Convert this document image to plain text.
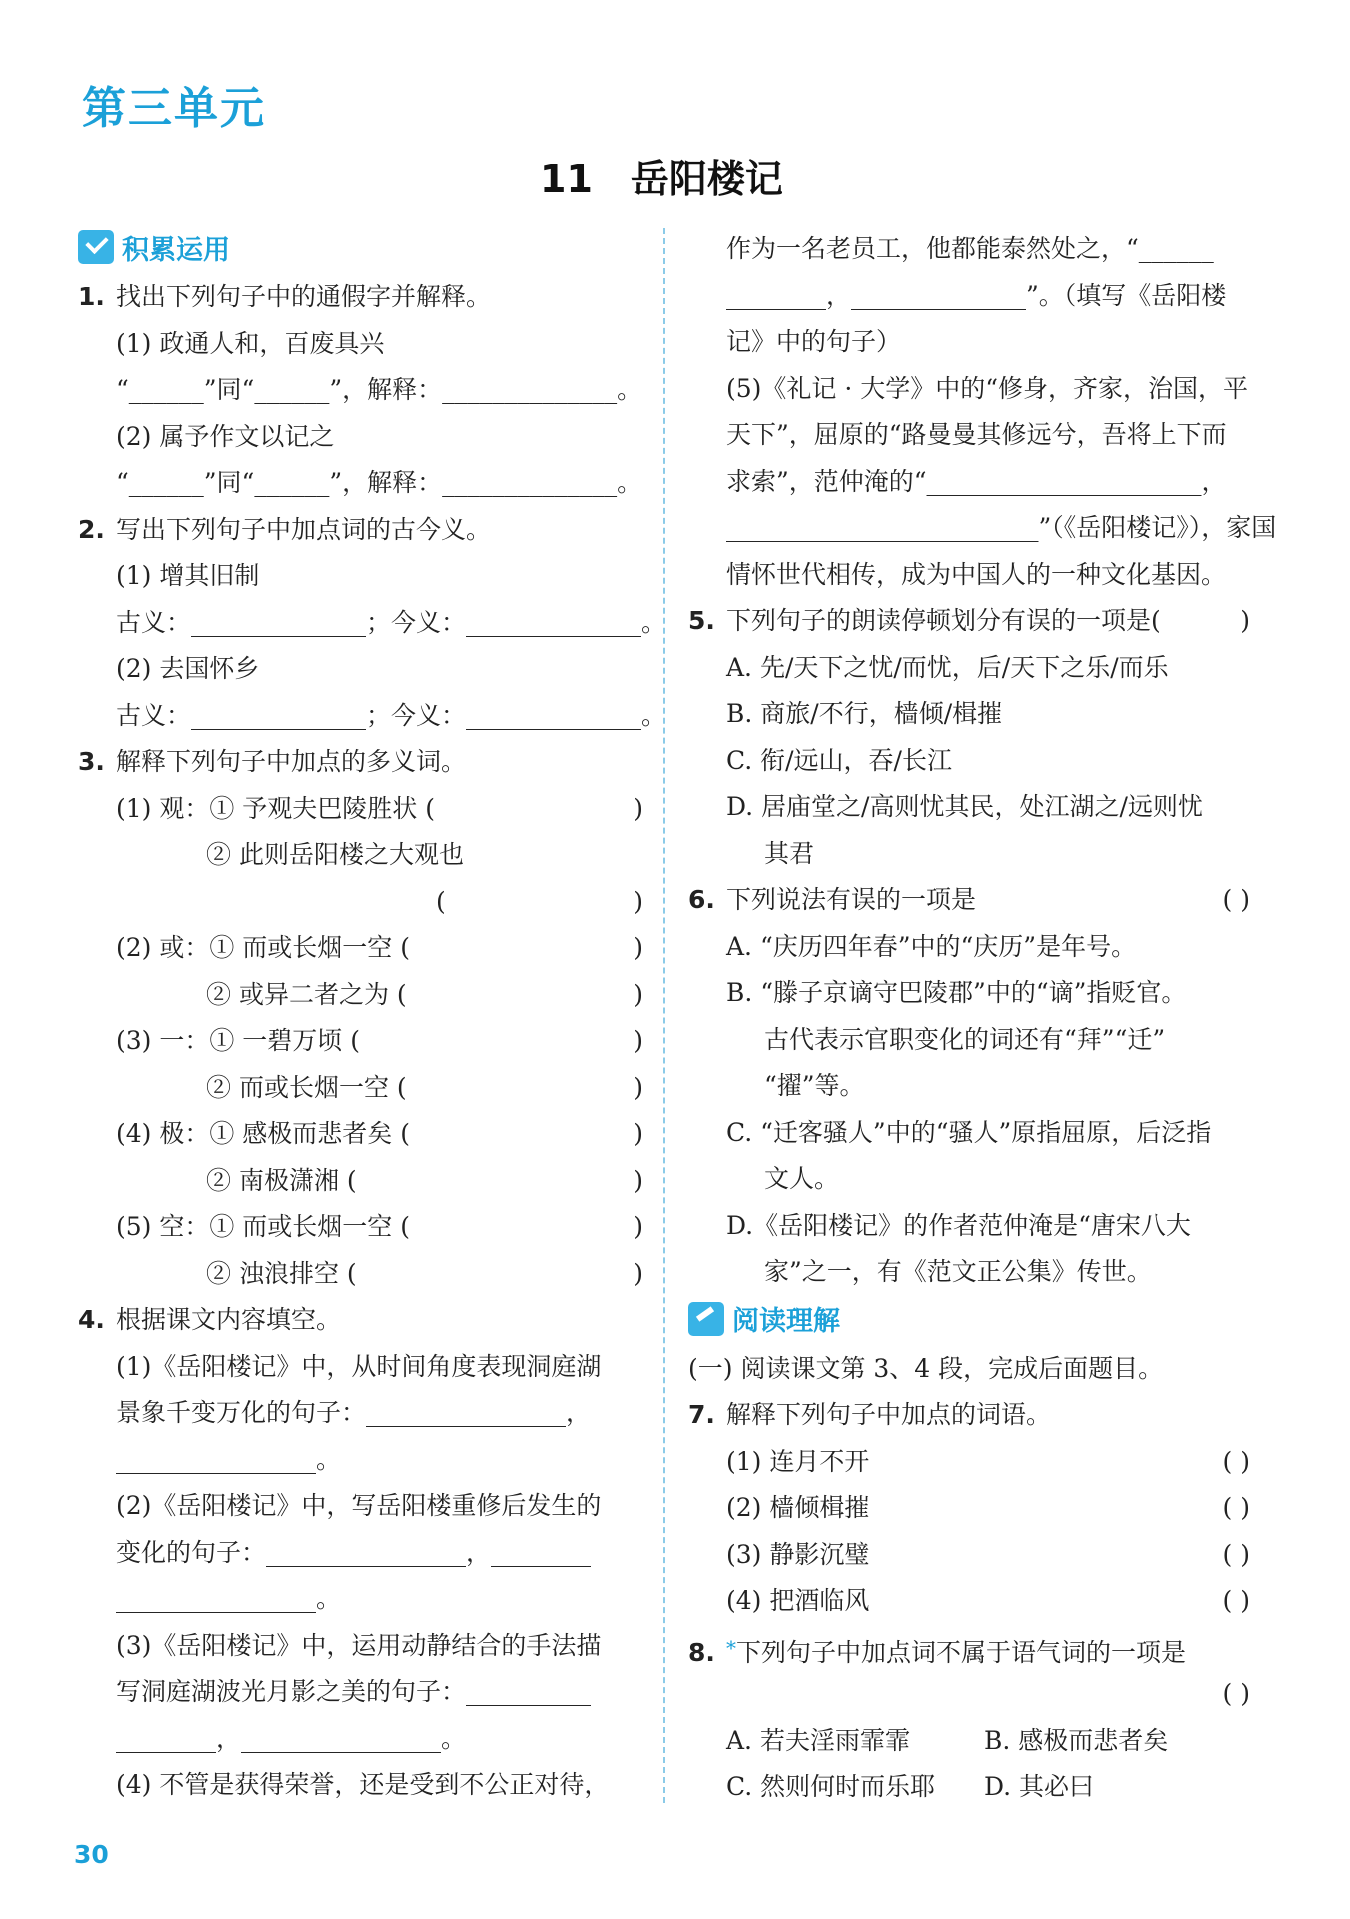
第三单元
11 岳阳楼记
积累运用
1. 找出下列句子中的通假字并解释。
(1) 政通人和，百废具兴
“______”同“______”，解释：______________。
(2) 属予作文以记之
“______”同“______”，解释：______________。
2. 写出下列句子中加点词的古今义。
(1) 增其旧制
古义：______________；今义：______________。
(2) 去国怀乡
古义：______________；今义：______________。
3. 解释下列句子中加点的多义词。
(1) 观：① 予观夫巴陵胜状 (	)
② 此则岳阳楼之大观也
(	)
(2) 或：① 而或长烟一空 (	)
② 或异二者之为 (	)
(3) 一：① 一碧万顷 (	)
② 而或长烟一空 (	)
(4) 极：① 感极而悲者矣 (	)
② 南极潇湘 (	)
(5) 空：① 而或长烟一空 (	)
② 浊浪排空 (	)
4. 根据课文内容填空。
(1)《岳阳楼记》中，从时间角度表现洞庭湖
景象千变万化的句子：________________，
________________。
(2)《岳阳楼记》中，写岳阳楼重修后发生的
变化的句子：________________，________
________________。
(3)《岳阳楼记》中，运用动静结合的手法描
写洞庭湖波光月影之美的句子：__________
________，________________。
(4) 不管是获得荣誉，还是受到不公正对待，
作为一名老员工，他都能泰然处之，“______
________，______________”。（填写《岳阳楼
记》中的句子）
(5)《礼记 · 大学》中的“修身，齐家，治国，平
天下”，屈原的“路曼曼其修远兮，吾将上下而
求索”，范仲淹的“______________________，
_________________________”（《岳阳楼记》），家国
情怀世代相传，成为中国人的一种文化基因。
5. 下列句子的朗读停顿划分有误的一项是(	)
A. 先/天下之忧/而忧，后/天下之乐/而乐
B. 商旅/不行，樯倾/楫摧
C. 衔/远山，吞/长江
D. 居庙堂之/高则忧其民，处江湖之/远则忧
其君
6. 下列说法有误的一项是	( )
A. “庆历四年春”中的“庆历”是年号。
B. “滕子京谪守巴陵郡”中的“谪”指贬官。
古代表示官职变化的词还有“拜”“迁”
“擢”等。
C. “迁客骚人”中的“骚人”原指屈原，后泛指
文人。
D.《岳阳楼记》的作者范仲淹是“唐宋八大
家”之一，有《范文正公集》传世。
阅读理解
(一) 阅读课文第 3、4 段，完成后面题目。
7. 解释下列句子中加点的词语。
(1) 连月不开	( )
(2) 樯倾楫摧	( )
(3) 静影沉璧	( )
(4) 把酒临风	( )
8. *下列句子中加点词不属于语气词的一项是
( )
A. 若夫淫雨霏霏	B. 感极而悲者矣
C. 然则何时而乐耶 D. 其必曰
30
